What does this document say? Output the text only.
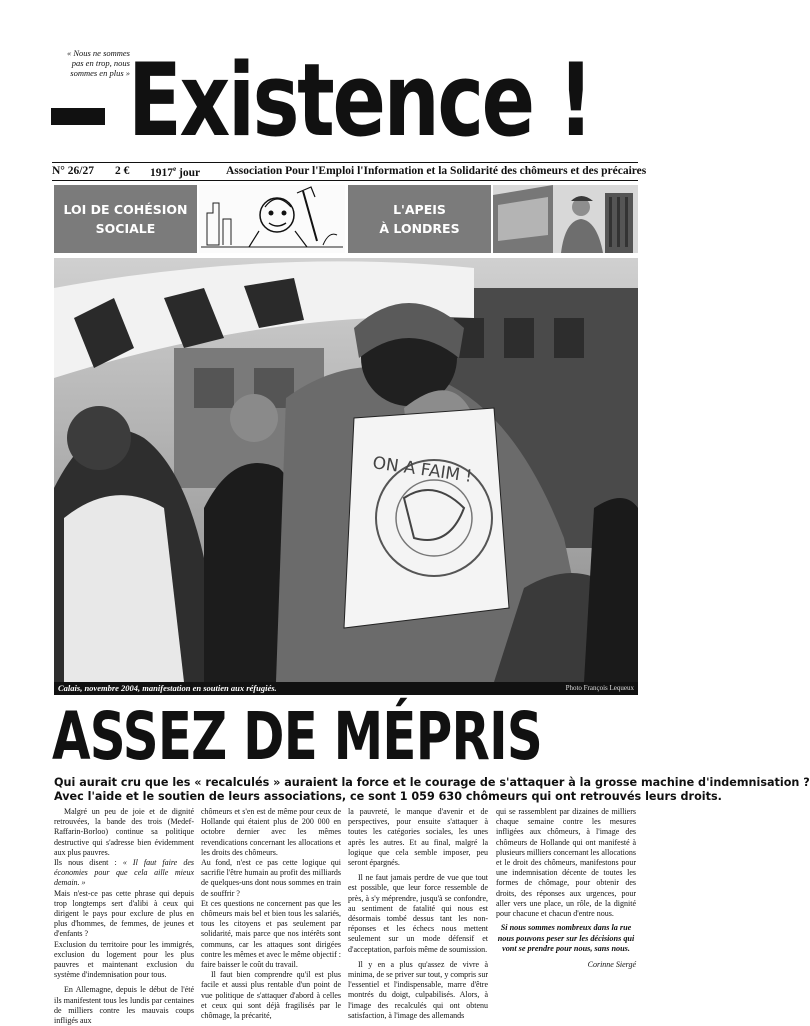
« Nous ne sommes pas en trop, nous sommes en plus »
Existence !
N° 26/27 2 € 1917e jour Association Pour l'Emploi l'Information et la Solidarité des chômeurs et des précaires
LOI DE COHÉSION
SOCIALE
L'APEIS
À LONDRES
ON A FAIM !
Calais, novembre 2004, manifestation en soutien aux réfugiés.	Photo François Lequeux
ASSEZ DE MÉPRIS
Qui aurait cru que les « recalculés » auraient la force et le courage de s'attaquer à la grosse machine d'indemnisation ?
Avec l'aide et le soutien de leurs associations, ce sont 1 059 630 chômeurs qui ont retrouvés leurs droits.

Malgré un peu de joie et de dignité retrouvées, la bande des trois (Medef-Raffarin-Borloo) continue sa politique destructive qui s'adresse bien évidemment aux plus pauvres.

Ils nous disent : « Il faut faire des économies pour que cela aille mieux demain. »

Mais n'est-ce pas cette phrase qui depuis trop longtemps sert d'alibi à ceux qui dirigent le pays pour exclure de plus en plus d'hommes, de femmes, de jeunes et d'enfants ?

Exclusion du territoire pour les immigrés, exclusion du logement pour les plus pauvres et maintenant exclusion du système d'indemnisation pour tous.

En Allemagne, depuis le début de l'été ils manifestent tous les lundis par centaines de milliers contre les mauvais coups infligés aux

chômeurs et s'en est de même pour ceux de Hollande qui étaient plus de 200 000 en octobre dernier avec les mêmes revendications concernant les allocations et les droits des chômeurs.

Au fond, n'est ce pas cette logique qui sacrifie l'être humain au profit des milliards de quelques-uns dont nous sommes en train de souffrir ?

Et ces questions ne concernent pas que les chômeurs mais bel et bien tous les salariés, tous les citoyens et pas seulement par solidarité, mais parce que nos intérêts sont communs, car les attaques sont dirigées contre les mêmes et avec le même objectif : faire baisser le coût du travail.

Il faut bien comprendre qu'il est plus facile et aussi plus rentable d'un point de vue politique de s'attaquer d'abord à celles et ceux qui sont déjà fragilisés par le chômage, la précarité,

la pauvreté, le manque d'avenir et de perspectives, pour ensuite s'attaquer à toutes les catégories sociales, les unes après les autres. Et au final, malgré la logique que cela semble imposer, peu seront épargnés.

Il ne faut jamais perdre de vue que tout est possible, que leur force ressemble de près, à s'y méprendre, jusqu'à se confondre, au sentiment de fatalité qui nous est désormais tombé dessus tant les non-réponses et les échecs nous mettent seulement sur un mode défensif et d'acceptation, parfois même de soumission.

Il y en a plus qu'assez de vivre à minima, de se priver sur tout, y compris sur l'essentiel et l'indispensable, marre d'être montrés du doigt, culpabilisés. Alors, à l'image des recalculés qui ont obtenu satisfaction, à l'image des allemands

qui se rassemblent par dizaines de milliers chaque semaine contre les mesures infligées aux chômeurs, à l'image des chômeurs de Hollande qui ont manifesté à plusieurs milliers concernant les allocations et le droit des chômeurs, manifestons pour une indemnisation décente de toutes les formes de chômage, pour obtenir des droits, des réponses aux urgences, pour aller vers une place, un rôle, de la dignité pour chacune et chacun d'entre nous.

Si nous sommes nombreux dans la rue nous pouvons peser sur les décisions qui vont se prendre pour nous, sans nous.

Corinne Siergé
